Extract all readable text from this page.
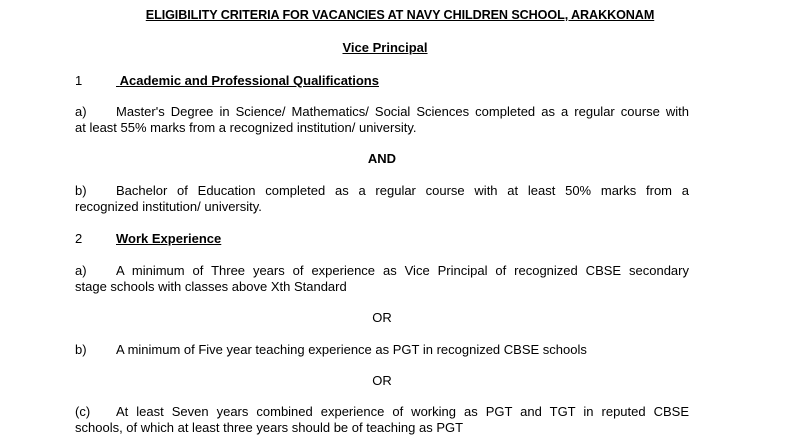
ELIGIBILITY CRITERIA FOR VACANCIES AT NAVY CHILDREN SCHOOL, ARAKKONAM
Vice Principal
1	Academic and Professional Qualifications
a) Master's Degree in Science/ Mathematics/ Social Sciences completed as a regular course with
at least 55% marks from a recognized institution/ university.
AND
b) Bachelor of Education completed as a regular course with at least 50% marks from a
recognized institution/ university.
2	Work Experience
a) A minimum of Three years of experience as Vice Principal of recognized CBSE secondary
stage schools with classes above Xth Standard
OR
b) A minimum of Five year teaching experience as PGT in recognized CBSE schools
OR
(c) At least Seven years combined experience of working as PGT and TGT in reputed CBSE
schools, of which at least three years should be of teaching as PGT
